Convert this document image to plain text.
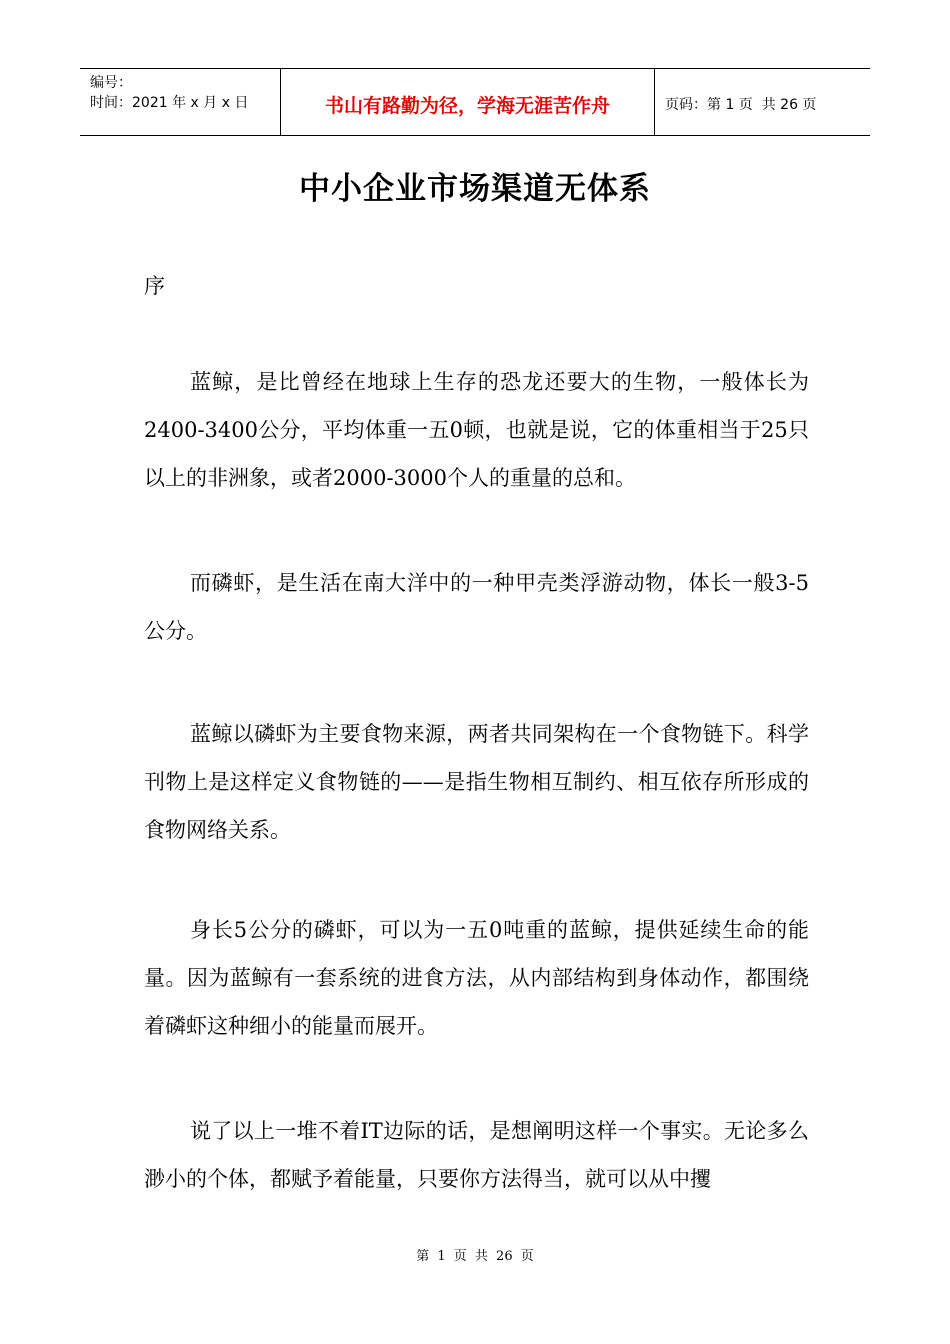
编号：
时间：2021 年 x 月 x 日	书山有路勤为径，学海无涯苦作舟	页码：第 1 页  共 26 页
中小企业市场渠道无体系
序

蓝鲸，是比曾经在地球上生存的恐龙还要大的生物，一般体长为2400-3400公分，平均体重一五0顿，也就是说，它的体重相当于25只以上的非洲象，或者2000-3000个人的重量的总和。

而磷虾，是生活在南大洋中的一种甲壳类浮游动物，体长一般3-5公分。

蓝鲸以磷虾为主要食物来源，两者共同架构在一个食物链下。科学刊物上是这样定义食物链的——是指生物相互制约、相互依存所形成的食物网络关系。

身长5公分的磷虾，可以为一五0吨重的蓝鲸，提供延续生命的能量。因为蓝鲸有一套系统的进食方法，从内部结构到身体动作，都围绕着磷虾这种细小的能量而展开。

说了以上一堆不着IT边际的话，是想阐明这样一个事实。无论多么渺小的个体，都赋予着能量，只要你方法得当，就可以从中攫

第 1 页 共 26 页
